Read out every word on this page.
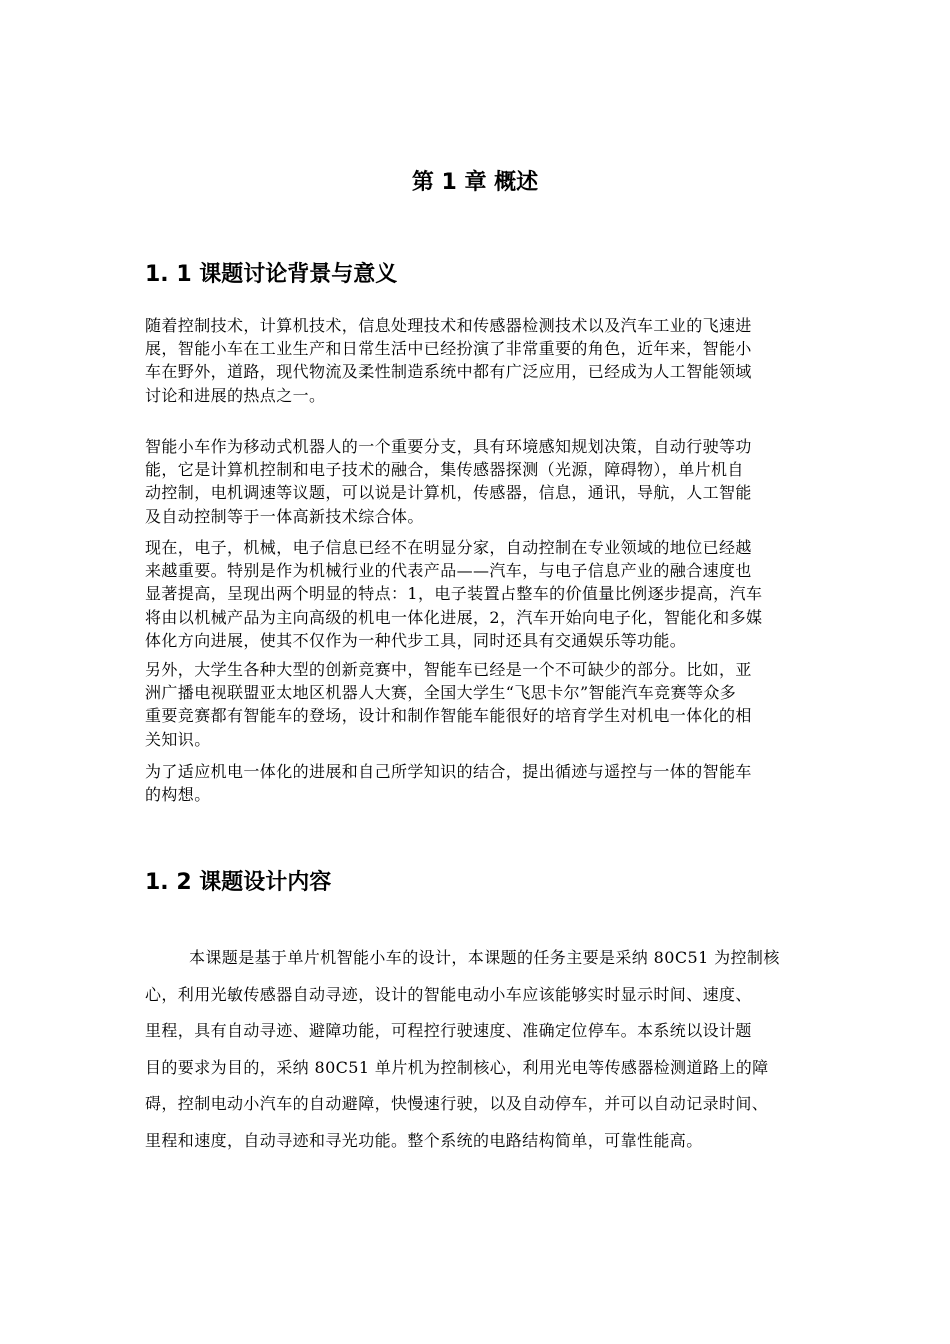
第 1 章 概述
1. 1 课题讨论背景与意义

随着控制技术，计算机技术，信息处理技术和传感器检测技术以及汽车工业的飞速进
展，智能小车在工业生产和日常生活中已经扮演了非常重要的角色，近年来，智能小
车在野外，道路，现代物流及柔性制造系统中都有广泛应用，已经成为人工智能领域
讨论和进展的热点之一。

智能小车作为移动式机器人的一个重要分支，具有环境感知规划决策，自动行驶等功
能，它是计算机控制和电子技术的融合，集传感器探测（光源，障碍物），单片机自
动控制，电机调速等议题，可以说是计算机，传感器，信息，通讯，导航，人工智能
及自动控制等于一体高新技术综合体。

现在，电子，机械，电子信息已经不在明显分家，自动控制在专业领域的地位已经越
来越重要。特别是作为机械行业的代表产品——汽车，与电子信息产业的融合速度也
显著提高，呈现出两个明显的特点：1，电子装置占整车的价值量比例逐步提高，汽车
将由以机械产品为主向高级的机电一体化进展，2，汽车开始向电子化，智能化和多媒
体化方向进展，使其不仅作为一种代步工具，同时还具有交通娱乐等功能。

另外，大学生各种大型的创新竞赛中，智能车已经是一个不可缺少的部分。比如，亚
洲广播电视联盟亚太地区机器人大赛，全国大学生“飞思卡尔”智能汽车竞赛等众多
重要竞赛都有智能车的登场，设计和制作智能车能很好的培育学生对机电一体化的相
关知识。

为了适应机电一体化的进展和自己所学知识的结合，提出循迹与遥控与一体的智能车
的构想。

1. 2 课题设计内容

本课题是基于单片机智能小车的设计，本课题的任务主要是采纳 80C51 为控制核
心，利用光敏传感器自动寻迹，设计的智能电动小车应该能够实时显示时间、速度、
里程，具有自动寻迹、避障功能，可程控行驶速度、准确定位停车。本系统以设计题
目的要求为目的，采纳 80C51 单片机为控制核心，利用光电等传感器检测道路上的障
碍，控制电动小汽车的自动避障，快慢速行驶，以及自动停车，并可以自动记录时间、
里程和速度，自动寻迹和寻光功能。整个系统的电路结构简单，可靠性能高。
